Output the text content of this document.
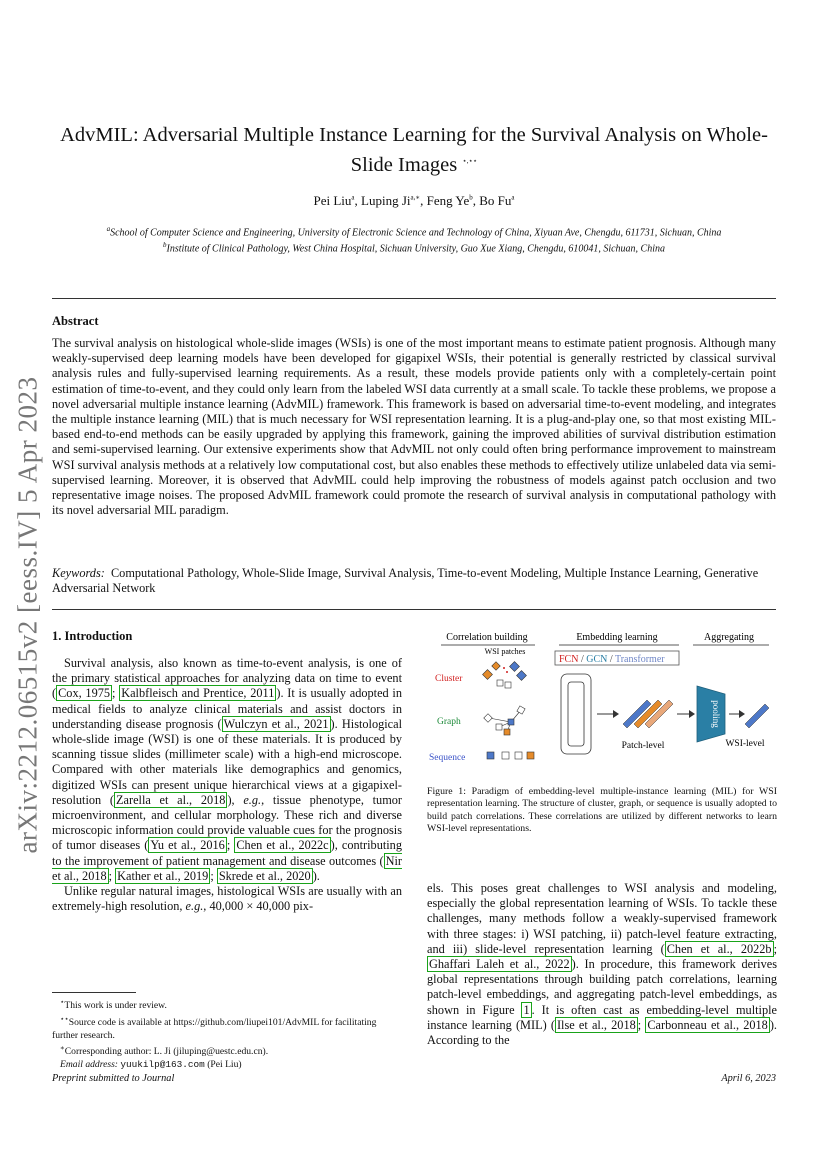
arXiv:2212.06515v2 [eess.IV] 5 Apr 2023
AdvMIL: Adversarial Multiple Instance Learning for the Survival Analysis on Whole-Slide Images ⋆,⋆⋆
Pei Liu$^a$, Luping $Ji^{a,∗}$, Feng Ye$^b$, Bo Fu$^a$
$^a$School of Computer Science and Engineering, University of Electronic Science and Technology of China, Xiyuan Ave, Chengdu, 611731, Sichuan, China
$^b$Institute of Clinical Pathology, West China Hospital, Sichuan University, Guo Xue Xiang, Chengdu, 610041, Sichuan, China
Abstract
The survival analysis on histological whole-slide images (WSIs) is one of the most important means to estimate patient prognosis. Although many weakly-supervised deep learning models have been developed for gigapixel WSIs, their potential is generally restricted by classical survival analysis rules and fully-supervised learning requirements. As a result, these models provide patients only with a completely-certain point estimation of time-to-event, and they could only learn from the labeled WSI data currently at a small scale. To tackle these problems, we propose a novel adversarial multiple instance learning (AdvMIL) framework. This framework is based on adversarial time-to-event modeling, and integrates the multiple instance learning (MIL) that is much necessary for WSI representation learning. It is a plug-and-play one, so that most existing MIL-based end-to-end methods can be easily upgraded by applying this framework, gaining the improved abilities of survival distribution estimation and semi-supervised learning. Our extensive experiments show that AdvMIL not only could often bring performance improvement to mainstream WSI survival analysis methods at a relatively low computational cost, but also enables these methods to effectively utilize unlabeled data via semi-supervised learning. Moreover, it is observed that AdvMIL could help improving the robustness of models against patch occlusion and two representative image noises. The proposed AdvMIL framework could promote the research of survival analysis in computational pathology with its novel adversarial MIL paradigm.
Keywords: Computational Pathology, Whole-Slide Image, Survival Analysis, Time-to-event Modeling, Multiple Instance Learning, Generative Adversarial Network
1. Introduction

Survival analysis, also known as time-to-event analysis, is one of the primary statistical approaches for analyzing data on time to event ( Cox, 1975 ; Kalbfleisch and Prentice, 2011 ). It is usually adopted in medical fields to analyze clinical materials and assist doctors in understanding disease prognosis ( Wulczyn et al., 2021 ). Histological whole-slide image (WSI) is one of these materials. It is produced by scanning tissue slides (millimeter scale) with a high-end microscope. Compared with other materials like demographics and genomics, digitized WSIs can present unique hierarchical views at a gigapixel-resolution ( Zarella et al., 2018 ), e.g., tissue phenotype, tumor microenvironment, and cellular morphology. These rich and diverse microscopic information could provide valuable cues for the prognosis of tumor diseases ( Yu et al., 2016 ; Chen et al., 2022c ), contributing to the improvement of patient management and disease outcomes ( Nir et al., 2018 ; Kather et al., 2019 ; Skrede et al., 2020 ).

Unlike regular natural images, histological WSIs are usually with an extremely-high resolution, e.g., 40,000 × 40,000 pix-

⋆This work is under review.

⋆⋆Source code is available at https://github.com/liupei101/AdvMIL for facilitating further research.

∗Corresponding author: L. Ji (jiluping@uestc.edu.cn).

Email address: yuukilp@163.com (Pei Liu)

Correlation building	Embedding learning	Aggregating
WSI patches
Cluster
Graph
Sequence
FCN / GCN / Transformer
Patch-level
pooling
WSI-level
Figure 1: Paradigm of embedding-level multiple-instance learning (MIL) for WSI representation learning. The structure of cluster, graph, or sequence is usually adopted to build patch correlations. These correlations are utilized by different networks to learn WSI-level representations.

els. This poses great challenges to WSI analysis and modeling, especially the global representation learning of WSIs. To tackle these challenges, many methods follow a weakly-supervised framework with three stages: i) WSI patching, ii) patch-level feature extracting, and iii) slide-level representation learning ( Chen et al., 2022b ; Ghaffari Laleh et al., 2022 ). In procedure, this framework derives global representations through building patch correlations, learning patch-level embeddings, and aggregating patch-level embeddings, as shown in Figure 1 . It is often cast as embedding-level multiple instance learning (MIL) ( Ilse et al., 2018 ; Carbonneau et al., 2018 ). According to the

Preprint submitted to Journal	April 6, 2023
